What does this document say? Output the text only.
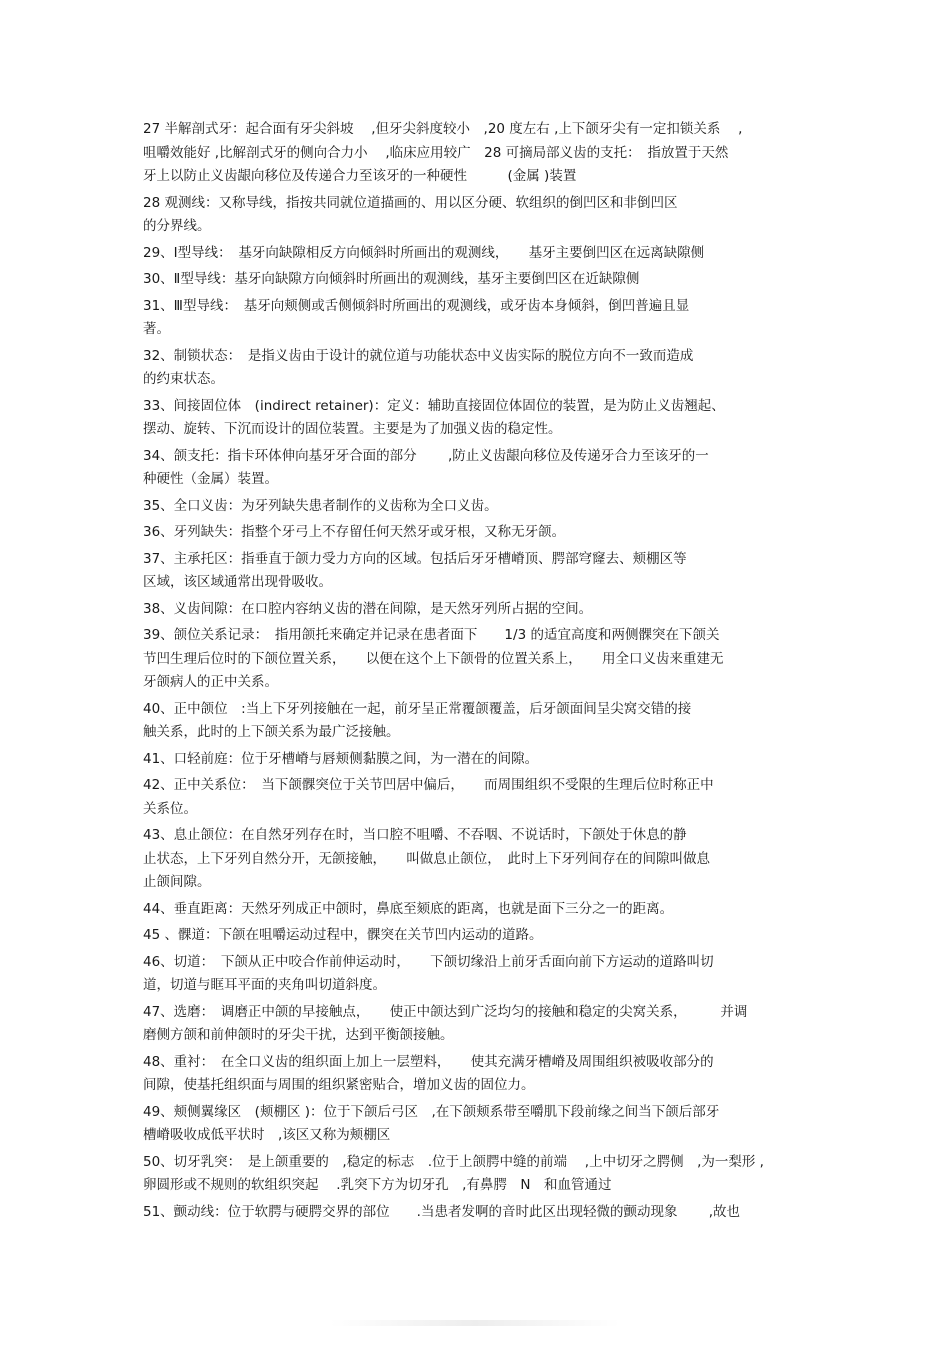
27 半解剖式牙：起合面有牙尖斜坡　 ,但牙尖斜度较小　,20 度左右 ,上下颌牙尖有一定扣锁关系　 ,
咀嚼效能好 ,比解剖式牙的侧向合力小　 ,临床应用较广　28 可摘局部义齿的支托：　指放置于天然
牙上以防止义齿龈向移位及传递合力至该牙的一种硬性　　　(金属 )装置
28 观测线：又称导线，指按共同就位道描画的、用以区分硬、软组织的倒凹区和非倒凹区
的分界线。
29、Ⅰ型导线：　基牙向缺隙相反方向倾斜时所画出的观测线，　　基牙主要倒凹区在远离缺隙侧
30、Ⅱ型导线：基牙向缺隙方向倾斜时所画出的观测线，基牙主要倒凹区在近缺隙侧
31、Ⅲ型导线：　基牙向颊侧或舌侧倾斜时所画出的观测线，或牙齿本身倾斜，倒凹普遍且显
著。
32、制锁状态：　是指义齿由于设计的就位道与功能状态中义齿实际的脱位方向不一致而造成
的约束状态。
33、间接固位体　(indirect retainer)：定义：辅助直接固位体固位的装置，是为防止义齿翘起、
摆动、旋转、下沉而设计的固位装置。主要是为了加强义齿的稳定性。
34、颌支托：指卡环体伸向基牙牙合面的部分　　 ,防止义齿龈向移位及传递牙合力至该牙的一
种硬性（金属）装置。
35、全口义齿：为牙列缺失患者制作的义齿称为全口义齿。
36、牙列缺失：指整个牙弓上不存留任何天然牙或牙根，又称无牙颌。
37、主承托区：指垂直于颌力受力方向的区域。包括后牙牙槽嵴顶、腭部穹窿去、颊棚区等
区域，该区域通常出现骨吸收。
38、义齿间隙：在口腔内容纳义齿的潜在间隙，是天然牙列所占据的空间。
39、颌位关系记录：　指用颌托来确定并记录在患者面下　　1/3 的适宜高度和两侧髁突在下颌关
节凹生理后位时的下颌位置关系，　　以便在这个上下颌骨的位置关系上，　　用全口义齿来重建无
牙颌病人的正中关系。
40、正中颌位　:当上下牙列接触在一起，前牙呈正常覆颌覆盖，后牙颌面间呈尖窝交错的接
触关系，此时的上下颌关系为最广泛接触。
41、口轻前庭：位于牙槽嵴与唇颊侧黏膜之间，为一潜在的间隙。
42、正中关系位：　当下颌髁突位于关节凹居中偏后，　　而周围组织不受限的生理后位时称正中
关系位。
43、息止颌位：在自然牙列存在时，当口腔不咀嚼、不吞咽、不说话时，下颌处于休息的静
止状态，上下牙列自然分开，无颌接触，　　叫做息止颌位，　此时上下牙列间存在的间隙叫做息
止颌间隙。
44、垂直距离：天然牙列成正中颌时，鼻底至颏底的距离，也就是面下三分之一的距离。
45 、髁道：下颌在咀嚼运动过程中，髁突在关节凹内运动的道路。
46、切道：　下颌从正中咬合作前伸运动时，　　下颌切缘沿上前牙舌面向前下方运动的道路叫切
道，切道与眶耳平面的夹角叫切道斜度。
47、选磨：　调磨正中颌的早接触点，　　使正中颌达到广泛均匀的接触和稳定的尖窝关系，　　　并调
磨侧方颌和前伸颌时的牙尖干扰，达到平衡颌接触。
48、重衬：　在全口义齿的组织面上加上一层塑料，　　使其充满牙槽嵴及周围组织被吸收部分的
间隙，使基托组织面与周围的组织紧密贴合，增加义齿的固位力。
49、颊侧翼缘区　(颊棚区 )：位于下颌后弓区　,在下颌颊系带至嚼肌下段前缘之间当下颌后部牙
槽嵴吸收成低平状时　,该区又称为颊棚区
50、切牙乳突：　是上颌重要的　,稳定的标志　.位于上颌腭中缝的前端　 ,上中切牙之腭侧　,为一梨形 ,
卵圆形或不规则的软组织突起　 .乳突下方为切牙孔　,有鼻腭　N　和血管通过
51、颤动线：位于软腭与硬腭交界的部位　　.当患者发啊的音时此区出现轻微的颤动现象　　 ,故也
